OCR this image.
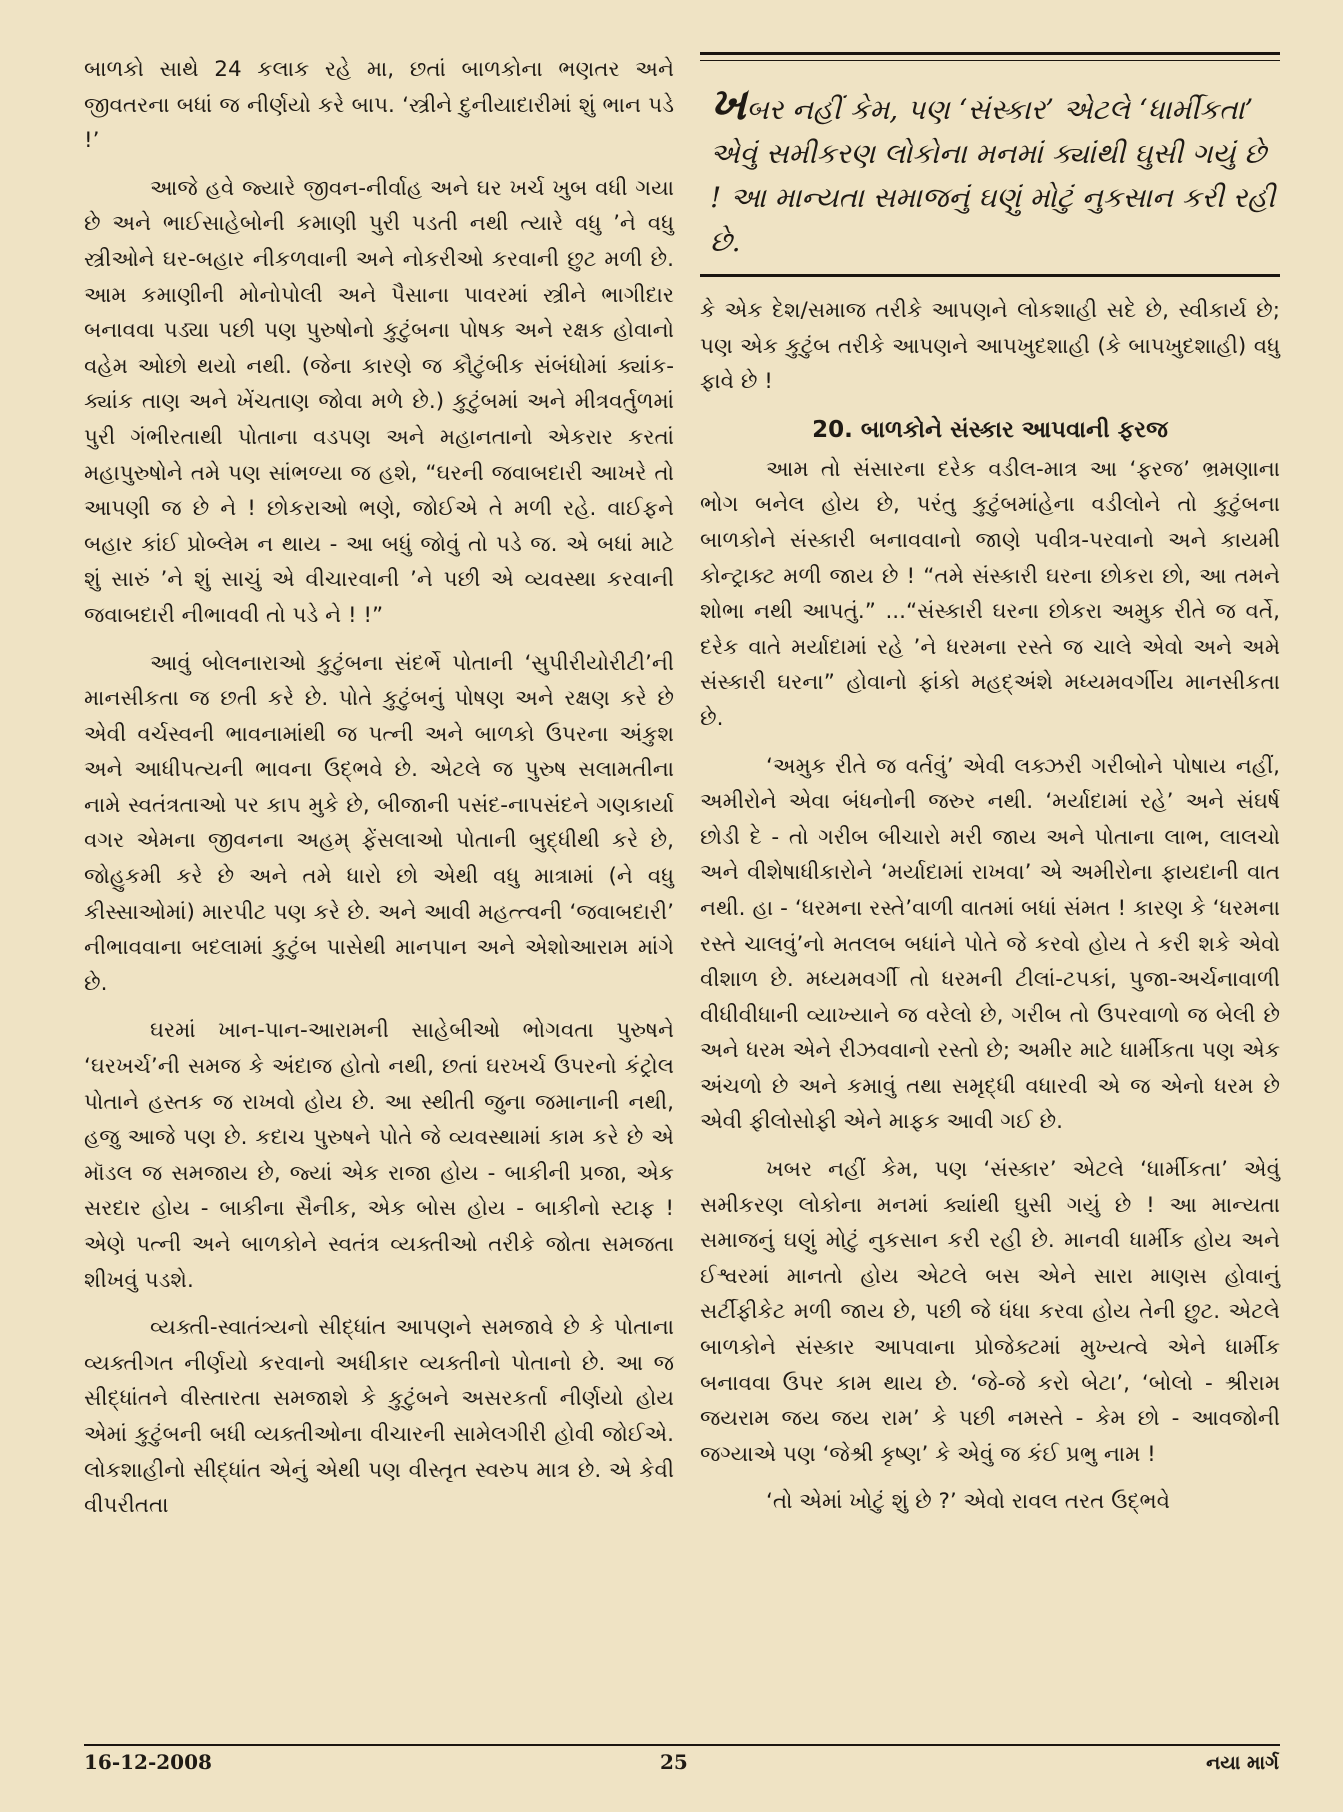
બાળકો સાથે 24 કલાક રહે મા, છતાં બાળકોના ભણતર અને જીવતરના બધાં જ નીર્ણયો કરે બાપ. ‘સ્ત્રીને દુનીયાદારીમાં શું ભાન પડે !’

આજે હવે જ્યારે જીવન-નીર્વાહ અને ઘર ખર્ચ ખુબ વધી ગયા છે અને ભાઈસાહેબોની કમાણી પુરી પડતી નથી ત્યારે વધુ ’ને વધુ સ્ત્રીઓને ઘર-બહાર નીકળવાની અને નોકરીઓ કરવાની છુટ મળી છે. આમ કમાણીની મોનોપોલી અને પૈસાના પાવરમાં સ્ત્રીને ભાગીદાર બનાવવા પડ્યા પછી પણ પુરુષોનો કુટુંબના પોષક અને રક્ષક હોવાનો વહેમ ઓછો થયો નથી. (જેના કારણે જ કૌટુંબીક સંબંધોમાં ક્યાંક-ક્યાંક તાણ અને ખેંચતાણ જોવા મળે છે.) કુટુંબમાં અને મીત્રવર્તુળમાં પુરી ગંભીરતાથી પોતાના વડપણ અને મહાનતાનો એકરાર કરતાં મહાપુરુષોને તમે પણ સાંભળ્યા જ હશે, “ઘરની જવાબદારી આખરે તો આપણી જ છે ને ! છોકરાઓ ભણે, જોઈએ તે મળી રહે. વાઈફને બહાર કાંઈ પ્રોબ્લેમ ન થાય - આ બધું જોવું તો પડે જ. એ બધાં માટે શું સારું ’ને શું સાચું એ વીચારવાની ’ને પછી એ વ્યવસ્થા કરવાની જવાબદારી નીભાવવી તો પડે ને ! !”

આવું બોલનારાઓ કુટુંબના સંદર્ભે પોતાની ‘સુપીરીયોરીટી’ની માનસીકતા જ છતી કરે છે. પોતે કુટુંબનું પોષણ અને રક્ષણ કરે છે એવી વર્ચસ્વની ભાવનામાંથી જ પત્ની અને બાળકો ઉપરના અંકુશ અને આધીપત્યની ભાવના ઉદ્ભવે છે. એટલે જ પુરુષ સલામતીના નામે સ્વતંત્રતાઓ પર કાપ મુકે છે, બીજાની પસંદ-નાપસંદને ગણકાર્યા વગર એમના જીવનના અહમ્ ફેંસલાઓ પોતાની બુદ્ધીથી કરે છે, જોહુકમી કરે છે અને તમે ધારો છો એથી વધુ માત્રામાં (ને વધુ કીસ્સાઓમાં) મારપીટ પણ કરે છે. અને આવી મહત્ત્વની ‘જવાબદારી’ નીભાવવાના બદલામાં કુટુંબ પાસેથી માનપાન અને એશોઆરામ માંગે છે.

ઘરમાં ખાન-પાન-આરામની સાહેબીઓ ભોગવતા પુરુષને ‘ઘરખર્ચ’ની સમજ કે અંદાજ હોતો નથી, છતાં ઘરખર્ચ ઉપરનો કંટ્રોલ પોતાને હસ્તક જ રાખવો હોય છે. આ સ્થીતી જુના જમાનાની નથી, હજુ આજે પણ છે. કદાચ પુરુષને પોતે જે વ્યવસ્થામાં કામ કરે છે એ મૉડલ જ સમજાય છે, જ્યાં એક રાજા હોય - બાકીની પ્રજા, એક સરદાર હોય - બાકીના સૈનીક, એક બોસ હોય - બાકીનો સ્ટાફ ! એણે પત્ની અને બાળકોને સ્વતંત્ર વ્યક્તીઓ તરીકે જોતા સમજતા શીખવું પડશે.

વ્યક્તી-સ્વાતંત્ર્યનો સીદ્ધાંત આપણને સમજાવે છે કે પોતાના વ્યક્તીગત નીર્ણયો કરવાનો અધીકાર વ્યક્તીનો પોતાનો છે. આ જ સીદ્ધાંતને વીસ્તારતા સમજાશે કે કુટુંબને અસરકર્તા નીર્ણયો હોય એમાં કુટુંબની બધી વ્યક્તીઓના વીચારની સામેલગીરી હોવી જોઈએ. લોકશાહીનો સીદ્ધાંત એનું એથી પણ વીસ્તૃત સ્વરુપ માત્ર છે. એ કેવી વીપરીતતા

ખબર નહીં કેમ, પણ ‘સંસ્કાર’ એટલે ‘ધાર્મીકતા’ એવું સમીકરણ લોકોના મનમાં ક્યાંથી ઘુસી ગયું છે ! આ માન્યતા સમાજનું ઘણું મોટું નુકસાન કરી રહી છે.

કે એક દેશ/સમાજ તરીકે આપણને લોકશાહી સદે છે, સ્વીકાર્ય છે; પણ એક કુટુંબ તરીકે આપણને આપખુદશાહી (કે બાપખુદશાહી) વધુ ફાવે છે !

20. બાળકોને સંસ્કાર આપવાની ફરજ

આમ તો સંસારના દરેક વડીલ-માત્ર આ ‘ફરજ’ ભ્રમણાના ભોગ બનેલ હોય છે, પરંતુ કુટુંબમાંહેના વડીલોને તો કુટુંબના બાળકોને સંસ્કારી બનાવવાનો જાણે પવીત્ર-પરવાનો અને કાયમી કોન્ટ્રાક્ટ મળી જાય છે ! “તમે સંસ્કારી ઘરના છોકરા છો, આ તમને શોભા નથી આપતું.” ...“સંસ્કારી ઘરના છોકરા અમુક રીતે જ વર્તે, દરેક વાતે મર્યાદામાં રહે ’ને ધરમના રસ્તે જ ચાલે એવો અને અમે સંસ્કારી ઘરના” હોવાનો ફાંકો મહદ્અંશે મધ્યમવર્ગીય માનસીકતા છે.

‘અમુક રીતે જ વર્તવું’ એવી લક્ઝરી ગરીબોને પોષાય નહીં, અમીરોને એવા બંધનોની જરુર નથી. ‘મર્યાદામાં રહે’ અને સંઘર્ષ છોડી દે - તો ગરીબ બીચારો મરી જાય અને પોતાના લાભ, લાલચો અને વીશેષાધીકારોને ‘મર્યાદામાં રાખવા’ એ અમીરોના ફાયદાની વાત નથી. હા - ‘ધરમના રસ્તે’વાળી વાતમાં બધાં સંમત ! કારણ કે ‘ધરમના રસ્તે ચાલવું’નો મતલબ બધાંને પોતે જે કરવો હોય તે કરી શકે એવો વીશાળ છે. મધ્યમવર્ગી તો ધરમની ટીલાં-ટપકાં, પુજા-અર્ચનાવાળી વીધીવીધાની વ્યાખ્યાને જ વરેલો છે, ગરીબ તો ઉપરવાળો જ બેલી છે અને ધરમ એને રીઝવવાનો રસ્તો છે; અમીર માટે ધાર્મીકતા પણ એક અંચળો છે અને કમાવું તથા સમૃદ્ધી વધારવી એ જ એનો ધરમ છે એવી ફીલોસોફી એને માફક આવી ગઈ છે.

ખબર નહીં કેમ, પણ ‘સંસ્કાર’ એટલે ‘ધાર્મીકતા’ એવું સમીકરણ લોકોના મનમાં ક્યાંથી ઘુસી ગયું છે ! આ માન્યતા સમાજનું ઘણું મોટું નુકસાન કરી રહી છે. માનવી ધાર્મીક હોય અને ઈશ્વરમાં માનતો હોય એટલે બસ એને સારા માણસ હોવાનું સર્ટીફીકેટ મળી જાય છે, પછી જે ધંધા કરવા હોય તેની છુટ. એટલે બાળકોને સંસ્કાર આપવાના પ્રોજેક્ટમાં મુખ્યત્વે એને ધાર્મીક બનાવવા ઉપર કામ થાય છે. ‘જે-જે કરો બેટા’, ‘બોલો - શ્રીરામ જયરામ જય જય રામ’ કે પછી નમસ્તે - કેમ છો - આવજોની જગ્યાએ પણ ‘જેશ્રી કૃષ્ણ’ કે એવું જ કંઈ પ્રભુ નામ !

‘તો એમાં ખોટું શું છે ?’ એવો રાવલ તરત ઉદ્ભવે

16-12-2008	25	નયા માર્ગ
